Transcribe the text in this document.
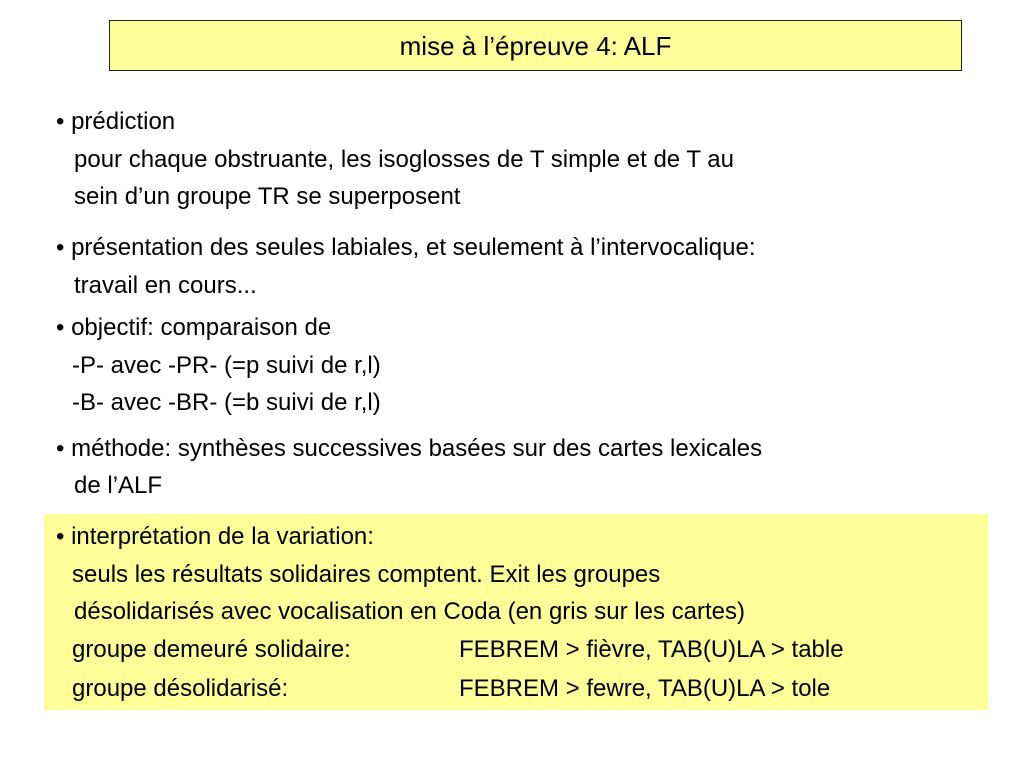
mise à l’épreuve 4: ALF
• prédiction
pour chaque obstruante, les isoglosses de T simple et de T au
sein d’un groupe TR se superposent
• présentation des seules labiales, et seulement à l’intervocalique:
travail en cours...
• objectif: comparaison de
-P- avec -PR- (=p suivi de r,l)
-B- avec -BR- (=b suivi de r,l)
• méthode: synthèses successives basées sur des cartes lexicales
de l’ALF
• interprétation de la variation:
seuls les résultats solidaires comptent. Exit les groupes
désolidarisés avec vocalisation en Coda (en gris sur les cartes)
groupe demeuré solidaire:	FEBREM > fièvre, TAB(U)LA > table
groupe désolidarisé:	FEBREM > fewre, TAB(U)LA > tole
